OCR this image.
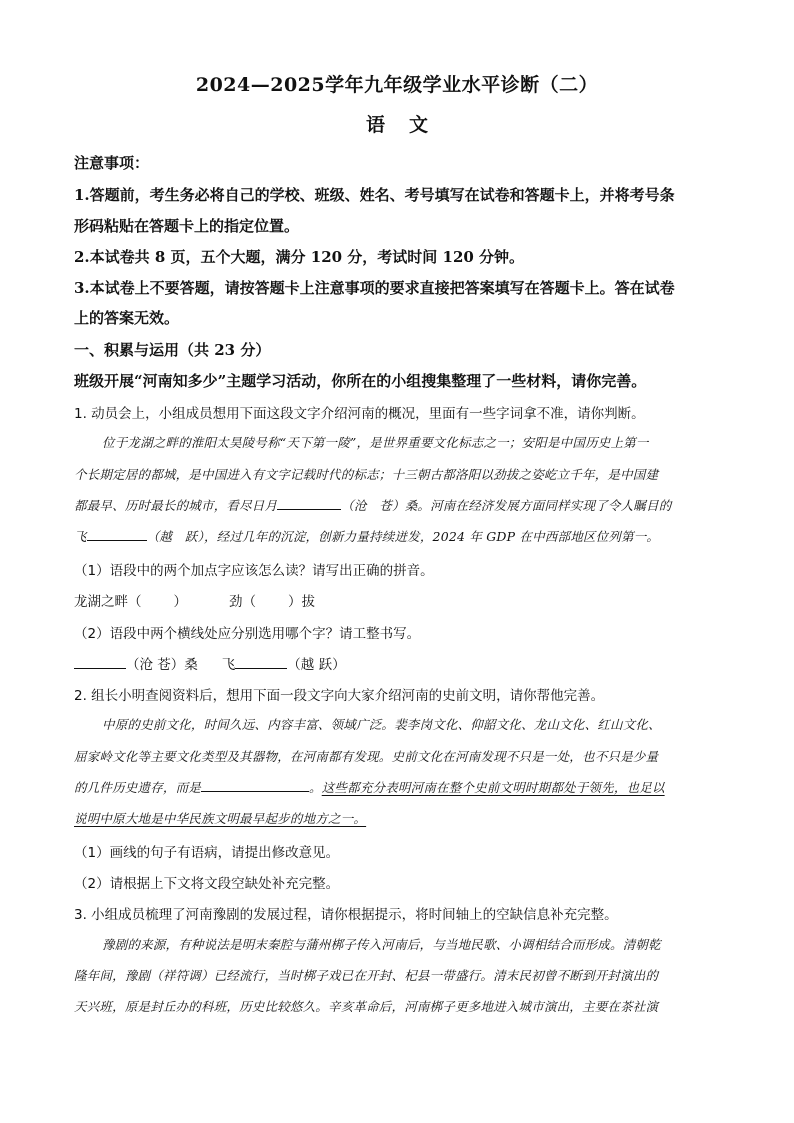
2024—2025学年九年级学业水平诊断（二）
语文
注意事项：
1.答题前，考生务必将自己的学校、班级、姓名、考号填写在试卷和答题卡上，并将考号条
形码粘贴在答题卡上的指定位置。
2.本试卷共 8 页，五个大题，满分 120 分，考试时间 120 分钟。
3.本试卷上不要答题，请按答题卡上注意事项的要求直接把答案填写在答题卡上。答在试卷
上的答案无效。
一、积累与运用（共 23 分）
班级开展“河南知多少”主题学习活动，你所在的小组搜集整理了一些材料，请你完善。
1. 动员会上，小组成员想用下面这段文字介绍河南的概况，里面有一些字词拿不准，请你判断。
位于龙湖之畔的淮阳太昊陵号称“天下第一陵”，是世界重要文化标志之一；安阳是中国历史上第一
个长期定居的都城，是中国进入有文字记载时代的标志；十三朝古都洛阳以劲拔之姿屹立千年，是中国建
都最早、历时最长的城市，看尽日月	（沧　苍）桑。河南在经济发展方面同样实现了令人瞩目的
飞	（越　跃），经过几年的沉淀，创新力量持续迸发，2024 年 GDP 在中西部地区位列第一。
（1）语段中的两个加点字应该怎么读？请写出正确的拼音。
龙湖之畔（ ）	劲（ ）拔
（2）语段中两个横线处应分别选用哪个字？请工整书写。
（沧 苍）桑 飞	（越 跃）
2. 组长小明查阅资料后，想用下面一段文字向大家介绍河南的史前文明，请你帮他完善。
中原的史前文化，时间久远、内容丰富、领域广泛。裴李岗文化、仰韶文化、龙山文化、红山文化、
屈家岭文化等主要文化类型及其器物，在河南都有发现。史前文化在河南发现不只是一处，也不只是少量
的几件历史遗存，而是	。这些都充分表明河南在整个史前文明时期都处于领先，也足以
说明中原大地是中华民族文明最早起步的地方之一。
（1）画线的句子有语病，请提出修改意见。
（2）请根据上下文将文段空缺处补充完整。
3. 小组成员梳理了河南豫剧的发展过程，请你根据提示，将时间轴上的空缺信息补充完整。
豫剧的来源，有种说法是明末秦腔与蒲州梆子传入河南后，与当地民歌、小调相结合而形成。清朝乾
隆年间，豫剧（祥符调）已经流行，当时梆子戏已在开封、杞县一带盛行。清末民初曾不断到开封演出的
天兴班，原是封丘办的科班，历史比较悠久。辛亥革命后，河南梆子更多地进入城市演出，主要在茶社演
